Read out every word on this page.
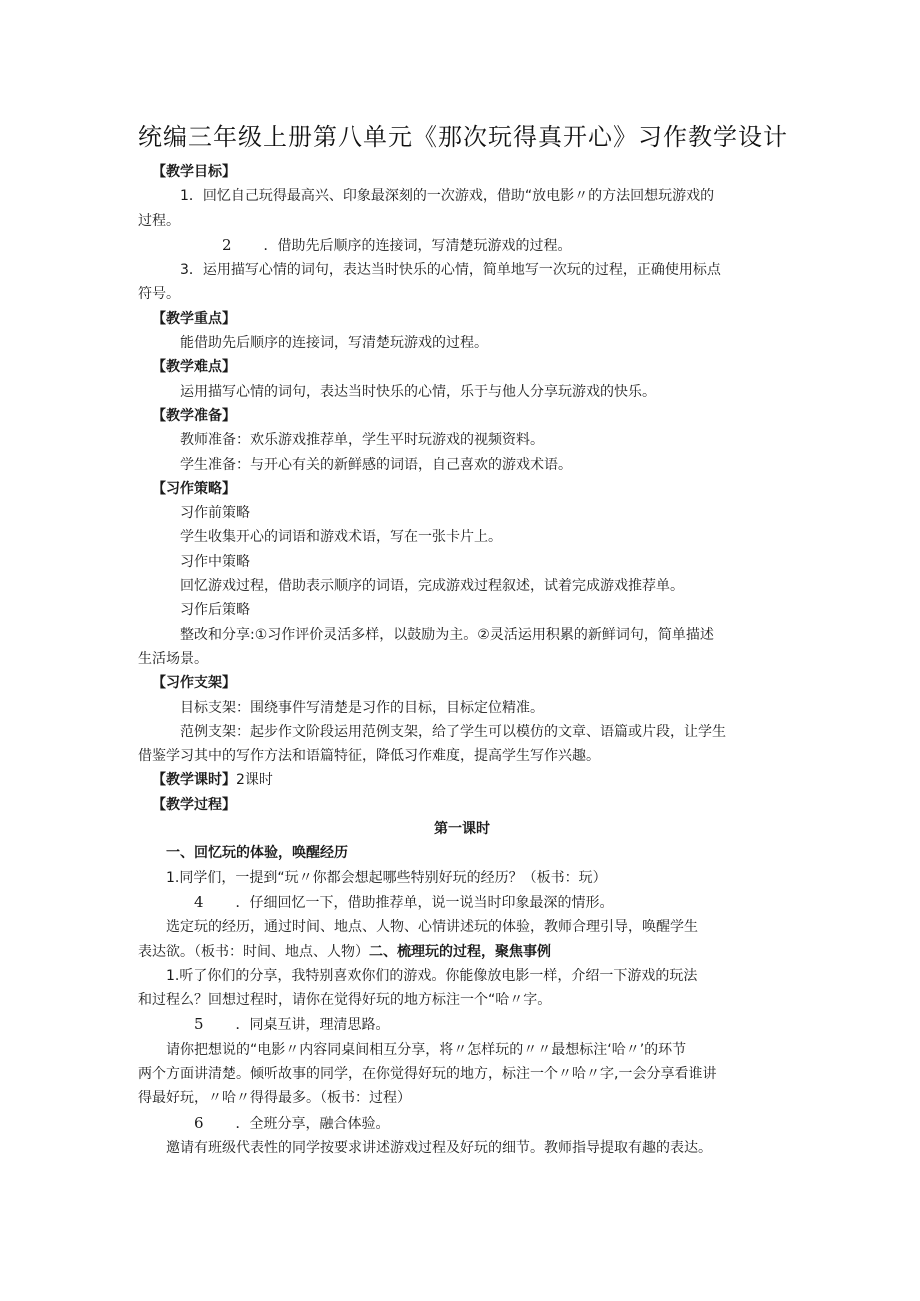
统编三年级上册第八单元《那次玩得真开心》习作教学设计

【教学目标】

1．回忆自己玩得最高兴、印象最深刻的一次游戏，借助“放电影〃的方法回想玩游戏的

过程。

2 ．借助先后顺序的连接词，写清楚玩游戏的过程。

3．运用描写心情的词句，表达当时快乐的心情，简单地写一次玩的过程，正确使用标点

符号。

【教学重点】

能借助先后顺序的连接词，写清楚玩游戏的过程。

【教学难点】

运用描写心情的词句，表达当时快乐的心情，乐于与他人分享玩游戏的快乐。

【教学准备】

教师准备：欢乐游戏推荐单，学生平时玩游戏的视频资料。

学生准备：与开心有关的新鲜感的词语，自己喜欢的游戏术语。

【习作策略】

习作前策略

学生收集开心的词语和游戏术语，写在一张卡片上。

习作中策略

回忆游戏过程，借助表示顺序的词语，完成游戏过程叙述，试着完成游戏推荐单。

习作后策略

整改和分享:①习作评价灵活多样，以鼓励为主。②灵活运用积累的新鲜词句，简单描述

生活场景。

【习作支架】

目标支架：围绕事件写清楚是习作的目标，目标定位精准。

范例支架：起步作文阶段运用范例支架，给了学生可以模仿的文章、语篇或片段，让学生

借鉴学习其中的写作方法和语篇特征，降低习作难度，提高学生写作兴趣。

【教学课时】2课时

【教学过程】

第一课时

一、回忆玩的体验，唤醒经历

1.同学们，一提到“玩〃你都会想起哪些特别好玩的经历？（板书：玩）

4 ．仔细回忆一下，借助推荐单，说一说当时印象最深的情形。

选定玩的经历，通过时间、地点、人物、心情讲述玩的体验，教师合理引导，唤醒学生

表达欲。（板书：时间、地点、人物）二、梳理玩的过程，聚焦事例

1.听了你们的分享，我特别喜欢你们的游戏。你能像放电影一样，介绍一下游戏的玩法

和过程么？回想过程时，请你在觉得好玩的地方标注一个“哈〃字。

5 ．同桌互讲，理清思路。

请你把想说的“电影〃内容同桌间相互分享，将〃怎样玩的〃〃最想标注‘哈〃’的环节

两个方面讲清楚。倾听故事的同学，在你觉得好玩的地方，标注一个〃哈〃字,一会分享看谁讲

得最好玩，〃哈〃得得最多。（板书：过程）

6 ．全班分享，融合体验。

邀请有班级代表性的同学按要求讲述游戏过程及好玩的细节。教师指导提取有趣的表达。
